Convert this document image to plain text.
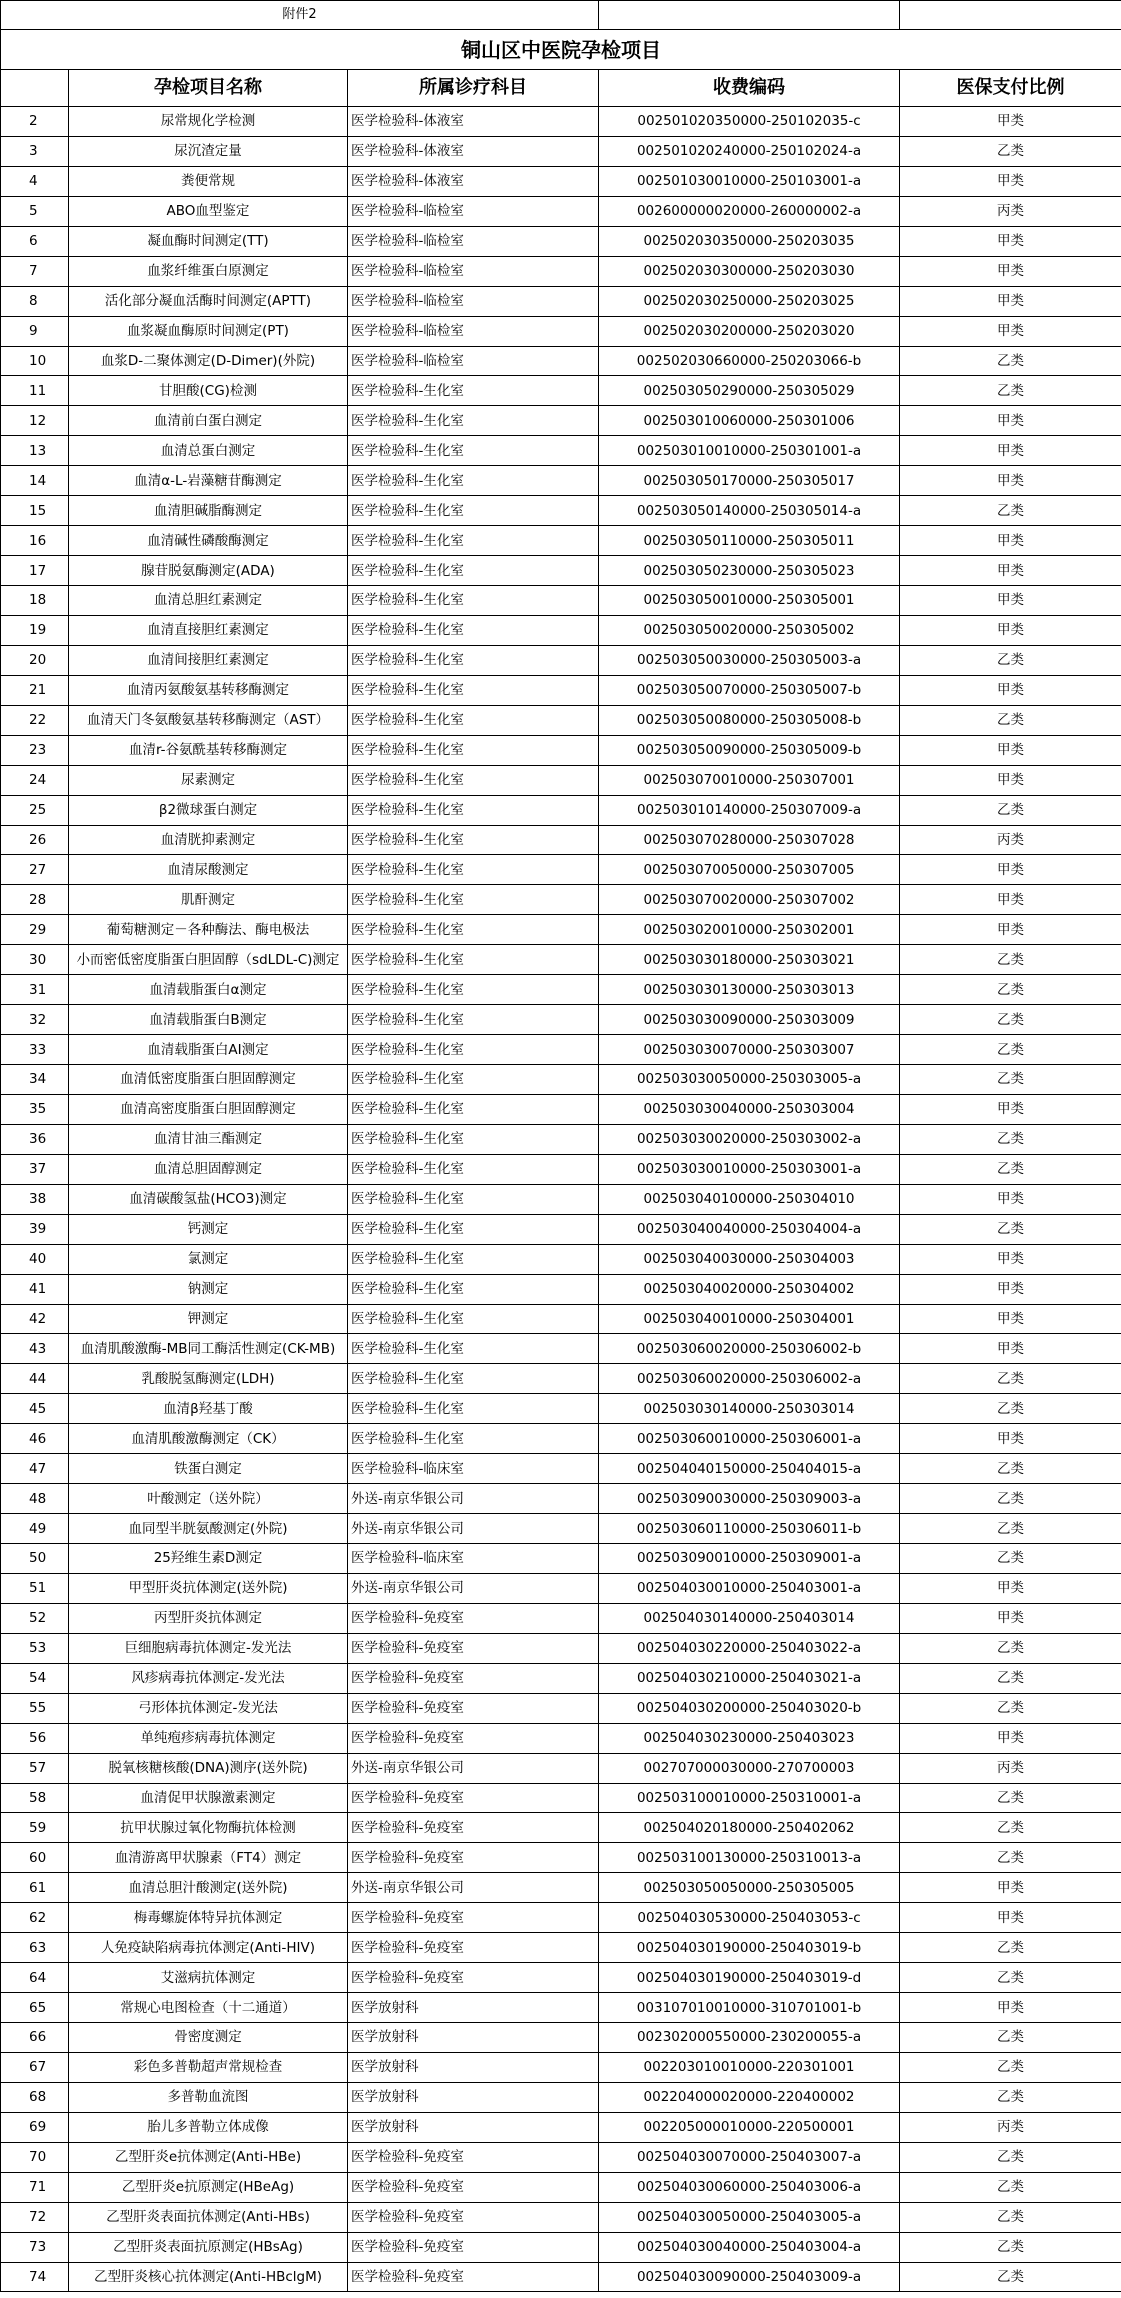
附件2				
铜山区中医院孕检项目				
	孕检项目名称	所属诊疗科目	收费编码	医保支付比例
2	尿常规化学检测	医学检验科-体液室	002501020350000-250102035-c	甲类
3	尿沉渣定量	医学检验科-体液室	002501020240000-250102024-a	乙类
4	粪便常规	医学检验科-体液室	002501030010000-250103001-a	甲类
5	ABO血型鉴定	医学检验科-临检室	002600000020000-260000002-a	丙类
6	凝血酶时间测定(TT)	医学检验科-临检室	002502030350000-250203035	甲类
7	血浆纤维蛋白原测定	医学检验科-临检室	002502030300000-250203030	甲类
8	活化部分凝血活酶时间测定(APTT)	医学检验科-临检室	002502030250000-250203025	甲类
9	血浆凝血酶原时间测定(PT)	医学检验科-临检室	002502030200000-250203020	甲类
10	血浆D-二聚体测定(D-Dimer)(外院)	医学检验科-临检室	002502030660000-250203066-b	乙类
11	甘胆酸(CG)检测	医学检验科-生化室	002503050290000-250305029	乙类
12	血清前白蛋白测定	医学检验科-生化室	002503010060000-250301006	甲类
13	血清总蛋白测定	医学检验科-生化室	002503010010000-250301001-a	甲类
14	血清α-L-岩藻糖苷酶测定	医学检验科-生化室	002503050170000-250305017	甲类
15	血清胆碱脂酶测定	医学检验科-生化室	002503050140000-250305014-a	乙类
16	血清碱性磷酸酶测定	医学检验科-生化室	002503050110000-250305011	甲类
17	腺苷脱氨酶测定(ADA)	医学检验科-生化室	002503050230000-250305023	甲类
18	血清总胆红素测定	医学检验科-生化室	002503050010000-250305001	甲类
19	血清直接胆红素测定	医学检验科-生化室	002503050020000-250305002	甲类
20	血清间接胆红素测定	医学检验科-生化室	002503050030000-250305003-a	乙类
21	血清丙氨酸氨基转移酶测定	医学检验科-生化室	002503050070000-250305007-b	甲类
22	血清天门冬氨酸氨基转移酶测定（AST）	医学检验科-生化室	002503050080000-250305008-b	乙类
23	血清r-谷氨酰基转移酶测定	医学检验科-生化室	002503050090000-250305009-b	甲类
24	尿素测定	医学检验科-生化室	002503070010000-250307001	甲类
25	β2微球蛋白测定	医学检验科-生化室	002503010140000-250307009-a	乙类
26	血清胱抑素测定	医学检验科-生化室	002503070280000-250307028	丙类
27	血清尿酸测定	医学检验科-生化室	002503070050000-250307005	甲类
28	肌酐测定	医学检验科-生化室	002503070020000-250307002	甲类
29	葡萄糖测定－各种酶法、酶电极法	医学检验科-生化室	002503020010000-250302001	甲类
30	小而密低密度脂蛋白胆固醇（sdLDL-C)测定	医学检验科-生化室	002503030180000-250303021	乙类
31	血清载脂蛋白α测定	医学检验科-生化室	002503030130000-250303013	乙类
32	血清载脂蛋白B测定	医学检验科-生化室	002503030090000-250303009	乙类
33	血清载脂蛋白AI测定	医学检验科-生化室	002503030070000-250303007	乙类
34	血清低密度脂蛋白胆固醇测定	医学检验科-生化室	002503030050000-250303005-a	乙类
35	血清高密度脂蛋白胆固醇测定	医学检验科-生化室	002503030040000-250303004	甲类
36	血清甘油三酯测定	医学检验科-生化室	002503030020000-250303002-a	乙类
37	血清总胆固醇测定	医学检验科-生化室	002503030010000-250303001-a	乙类
38	血清碳酸氢盐(HCO3)测定	医学检验科-生化室	002503040100000-250304010	甲类
39	钙测定	医学检验科-生化室	002503040040000-250304004-a	乙类
40	氯测定	医学检验科-生化室	002503040030000-250304003	甲类
41	钠测定	医学检验科-生化室	002503040020000-250304002	甲类
42	钾测定	医学检验科-生化室	002503040010000-250304001	甲类
43	血清肌酸激酶-MB同工酶活性测定(CK-MB)	医学检验科-生化室	002503060020000-250306002-b	甲类
44	乳酸脱氢酶测定(LDH)	医学检验科-生化室	002503060020000-250306002-a	乙类
45	血清β羟基丁酸	医学检验科-生化室	002503030140000-250303014	乙类
46	血清肌酸激酶测定（CK）	医学检验科-生化室	002503060010000-250306001-a	甲类
47	铁蛋白测定	医学检验科-临床室	002504040150000-250404015-a	乙类
48	叶酸测定（送外院）	外送-南京华银公司	002503090030000-250309003-a	乙类
49	血同型半胱氨酸测定(外院)	外送-南京华银公司	002503060110000-250306011-b	乙类
50	25羟维生素D测定	医学检验科-临床室	002503090010000-250309001-a	乙类
51	甲型肝炎抗体测定(送外院)	外送-南京华银公司	002504030010000-250403001-a	甲类
52	丙型肝炎抗体测定	医学检验科-免疫室	002504030140000-250403014	甲类
53	巨细胞病毒抗体测定-发光法	医学检验科-免疫室	002504030220000-250403022-a	乙类
54	风疹病毒抗体测定-发光法	医学检验科-免疫室	002504030210000-250403021-a	乙类
55	弓形体抗体测定-发光法	医学检验科-免疫室	002504030200000-250403020-b	乙类
56	单纯疱疹病毒抗体测定	医学检验科-免疫室	002504030230000-250403023	甲类
57	脱氧核糖核酸(DNA)测序(送外院)	外送-南京华银公司	002707000030000-270700003	丙类
58	血清促甲状腺激素测定	医学检验科-免疫室	002503100010000-250310001-a	乙类
59	抗甲状腺过氧化物酶抗体检测	医学检验科-免疫室	002504020180000-250402062	乙类
60	血清游离甲状腺素（FT4）测定	医学检验科-免疫室	002503100130000-250310013-a	乙类
61	血清总胆汁酸测定(送外院)	外送-南京华银公司	002503050050000-250305005	甲类
62	梅毒螺旋体特异抗体测定	医学检验科-免疫室	002504030530000-250403053-c	甲类
63	人免疫缺陷病毒抗体测定(Anti-HIV)	医学检验科-免疫室	002504030190000-250403019-b	乙类
64	艾滋病抗体测定	医学检验科-免疫室	002504030190000-250403019-d	乙类
65	常规心电图检查（十二通道）	医学放射科	003107010010000-310701001-b	甲类
66	骨密度测定	医学放射科	002302000550000-230200055-a	乙类
67	彩色多普勒超声常规检查	医学放射科	002203010010000-220301001	乙类
68	多普勒血流图	医学放射科	002204000020000-220400002	乙类
69	胎儿多普勒立体成像	医学放射科	002205000010000-220500001	丙类
70	乙型肝炎e抗体测定(Anti-HBe)	医学检验科-免疫室	002504030070000-250403007-a	乙类
71	乙型肝炎e抗原测定(HBeAg)	医学检验科-免疫室	002504030060000-250403006-a	乙类
72	乙型肝炎表面抗体测定(Anti-HBs)	医学检验科-免疫室	002504030050000-250403005-a	乙类
73	乙型肝炎表面抗原测定(HBsAg)	医学检验科-免疫室	002504030040000-250403004-a	乙类
74	乙型肝炎核心抗体测定(Anti-HBclgM)	医学检验科-免疫室	002504030090000-250403009-a	乙类
